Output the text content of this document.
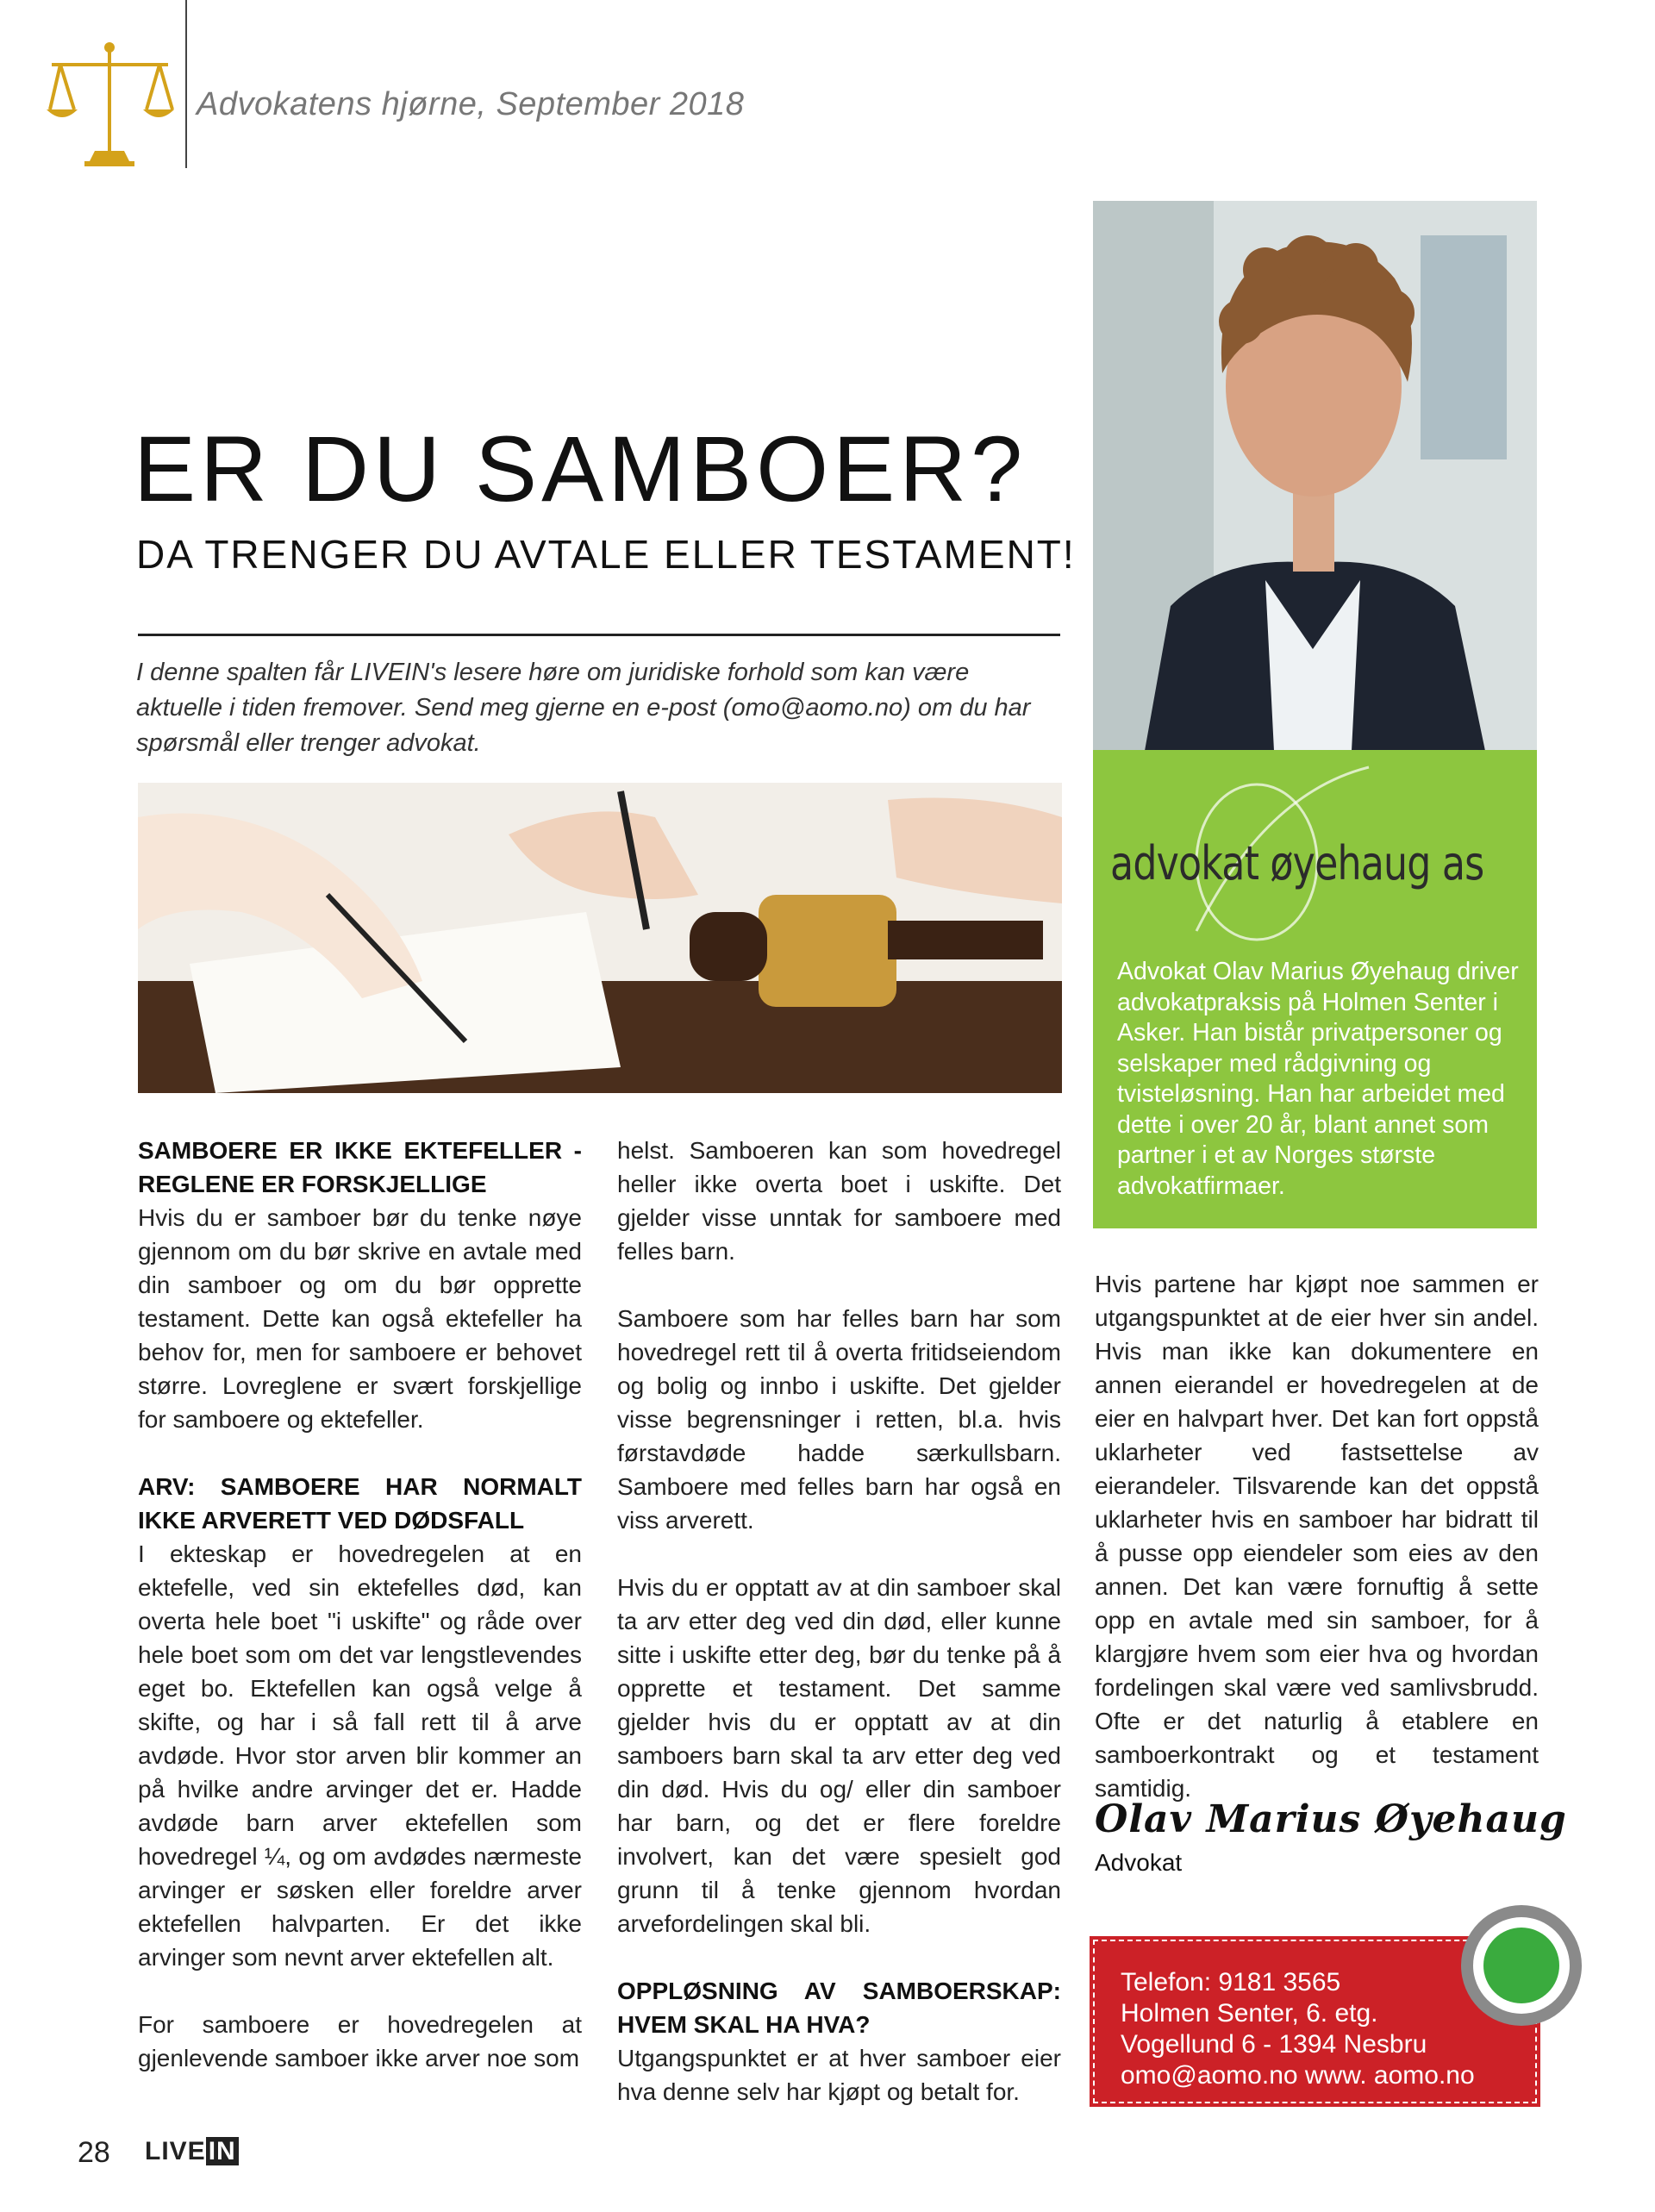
Advokatens hjørne, September 2018
ER DU SAMBOER?
DA TRENGER DU AVTALE ELLER TESTAMENT!

I denne spalten får LIVEIN's lesere høre om juridiske forhold som kan være aktuelle i tiden fremover. Send meg gjerne en e-post (omo@aomo.no) om du har spørsmål eller trenger advokat.

advokat øyehaug as

Advokat Olav Marius Øyehaug driver advokatpraksis på Holmen Senter i Asker. Han bistår privatpersoner og selskaper med rådgivning og tvisteløsning. Han har arbeidet med dette i over 20 år, blant annet som partner i et av Norges største advokatfirmaer.

SAMBOERE ER IKKE EKTEFELLER - REGLENE ER FORSKJELLIGE
Hvis du er samboer bør du tenke nøye gjennom om du bør skrive en avtale med din samboer og om du bør opprette testament. Dette kan også ektefeller ha behov for, men for samboere er behovet større. Lovreglene er svært forskjellige for samboere og ektefeller.
ARV: SAMBOERE HAR NORMALT IKKE ARVERETT VED DØDSFALL
I ekteskap er hovedregelen at en ektefelle, ved sin ektefelles død, kan overta hele boet "i uskifte" og råde over hele boet som om det var lengstlevendes eget bo. Ektefellen kan også velge å skifte, og har i så fall rett til å arve avdøde. Hvor stor arven blir kommer an på hvilke andre arvinger det er. Hadde avdøde barn arver ektefellen som hovedregel ¼, og om avdødes nærmeste arvinger er søsken eller foreldre arver ektefellen halvparten. Er det ikke arvinger som nevnt arver ektefellen alt.
For samboere er hovedregelen at gjenlevende samboer ikke arver noe som
helst. Samboeren kan som hovedregel heller ikke overta boet i uskifte. Det gjelder visse unntak for samboere med felles barn.
Samboere som har felles barn har som hovedregel rett til å overta fritidseiendom og bolig og innbo i uskifte. Det gjelder visse begrensninger i retten, bl.a. hvis førstavdøde hadde særkullsbarn. Samboere med felles barn har også en viss arverett.
Hvis du er opptatt av at din samboer skal ta arv etter deg ved din død, eller kunne sitte i uskifte etter deg, bør du tenke på å opprette et testament. Det samme gjelder hvis du er opptatt av at din samboers barn skal ta arv etter deg ved din død. Hvis du og/ eller din samboer har barn, og det er flere foreldre involvert, kan det være spesielt god grunn til å tenke gjennom hvordan arvefordelingen skal bli.
OPPLØSNING AV SAMBOERSKAP: HVEM SKAL HA HVA?
Utgangspunktet er at hver samboer eier hva denne selv har kjøpt og betalt for.
Hvis partene har kjøpt noe sammen er utgangspunktet at de eier hver sin andel. Hvis man ikke kan dokumentere en annen eierandel er hovedregelen at de eier en halvpart hver. Det kan fort oppstå uklarheter ved fastsettelse av eierandeler. Tilsvarende kan det oppstå uklarheter hvis en samboer har bidratt til å pusse opp eiendeler som eies av den annen. Det kan være fornuftig å sette opp en avtale med sin samboer, for å klargjøre hvem som eier hva og hvordan fordelingen skal være ved samlivsbrudd. Ofte er det naturlig å etablere en samboerkontrakt og et testament samtidig.
Olav Marius Øyehaug
Advokat
Telefon: 9181 3565
Holmen Senter, 6. etg.
Vogellund 6 - 1394 Nesbru
omo@aomo.no www. aomo.no
28 LIVE IN
